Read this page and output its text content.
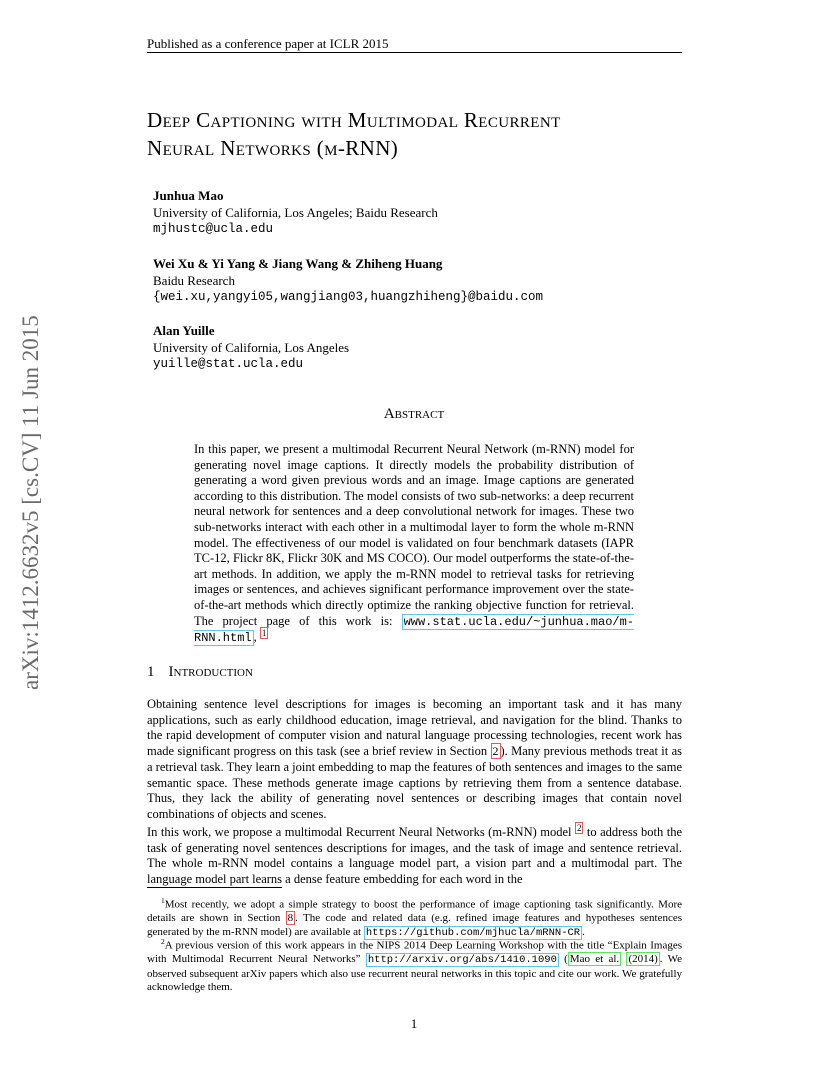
Published as a conference paper at ICLR 2015
Deep Captioning with Multimodal Recurrent
Neural Networks (m-RNN)
Junhua Mao
University of California, Los Angeles; Baidu Research
mjhustc@ucla.edu
Wei Xu & Yi Yang & Jiang Wang & Zhiheng Huang
Baidu Research
{wei.xu,yangyi05,wangjiang03,huangzhiheng}@baidu.com
Alan Yuille
University of California, Los Angeles
yuille@stat.ucla.edu
arXiv:1412.6632v5 [cs.CV] 11 Jun 2015	Abstract
In this paper, we present a multimodal Recurrent Neural Network (m-RNN) model for generating novel image captions. It directly models the probability distribution of generating a word given previous words and an image. Image captions are generated according to this distribution. The model consists of two sub-networks: a deep recurrent neural network for sentences and a deep convolutional network for images. These two sub-networks interact with each other in a multimodal layer to form the whole m-RNN model. The effectiveness of our model is validated on four benchmark datasets (IAPR TC-12, Flickr 8K, Flickr 30K and MS COCO). Our model outperforms the state-of-the-art methods. In addition, we apply the m-RNN model to retrieval tasks for retrieving images or sentences, and achieves significant performance improvement over the state-of-the-art methods which directly optimize the ranking objective function for retrieval. The project page of this work is: www.stat.ucla.edu/~junhua.mao/m-RNN.html , $^1$
1 Introduction
Obtaining sentence level descriptions for images is becoming an important task and it has many applications, such as early childhood education, image retrieval, and navigation for the blind. Thanks to the rapid development of computer vision and natural language processing technologies, recent work has made significant progress on this task (see a brief review in Section 2 ). Many previous methods treat it as a retrieval task. They learn a joint embedding to map the features of both sentences and images to the same semantic space. These methods generate image captions by retrieving them from a sentence database. Thus, they lack the ability of generating novel sentences or describing images that contain novel combinations of objects and scenes.
In this work, we propose a multimodal Recurrent Neural Networks (m-RNN) model $^2$ to address both the task of generating novel sentences descriptions for images, and the task of image and sentence retrieval. The whole m-RNN model contains a language model part, a vision part and a multimodal part. The language model part learns a dense feature embedding for each word in the
$^1$Most recently, we adopt a simple strategy to boost the performance of image captioning task significantly. More details are shown in Section 8 . The code and related data (e.g. refined image features and hypotheses sentences generated by the m-RNN model) are available at https://github.com/mjhucla/mRNN-CR .
$^2$A previous version of this work appears in the NIPS 2014 Deep Learning Workshop with the title “Explain Images with Multimodal Recurrent Neural Networks” http://arxiv.org/abs/1410.1090 ( Mao et al. (2014) . We observed subsequent arXiv papers which also use recurrent neural networks in this topic and cite our work. We gratefully acknowledge them.
1
